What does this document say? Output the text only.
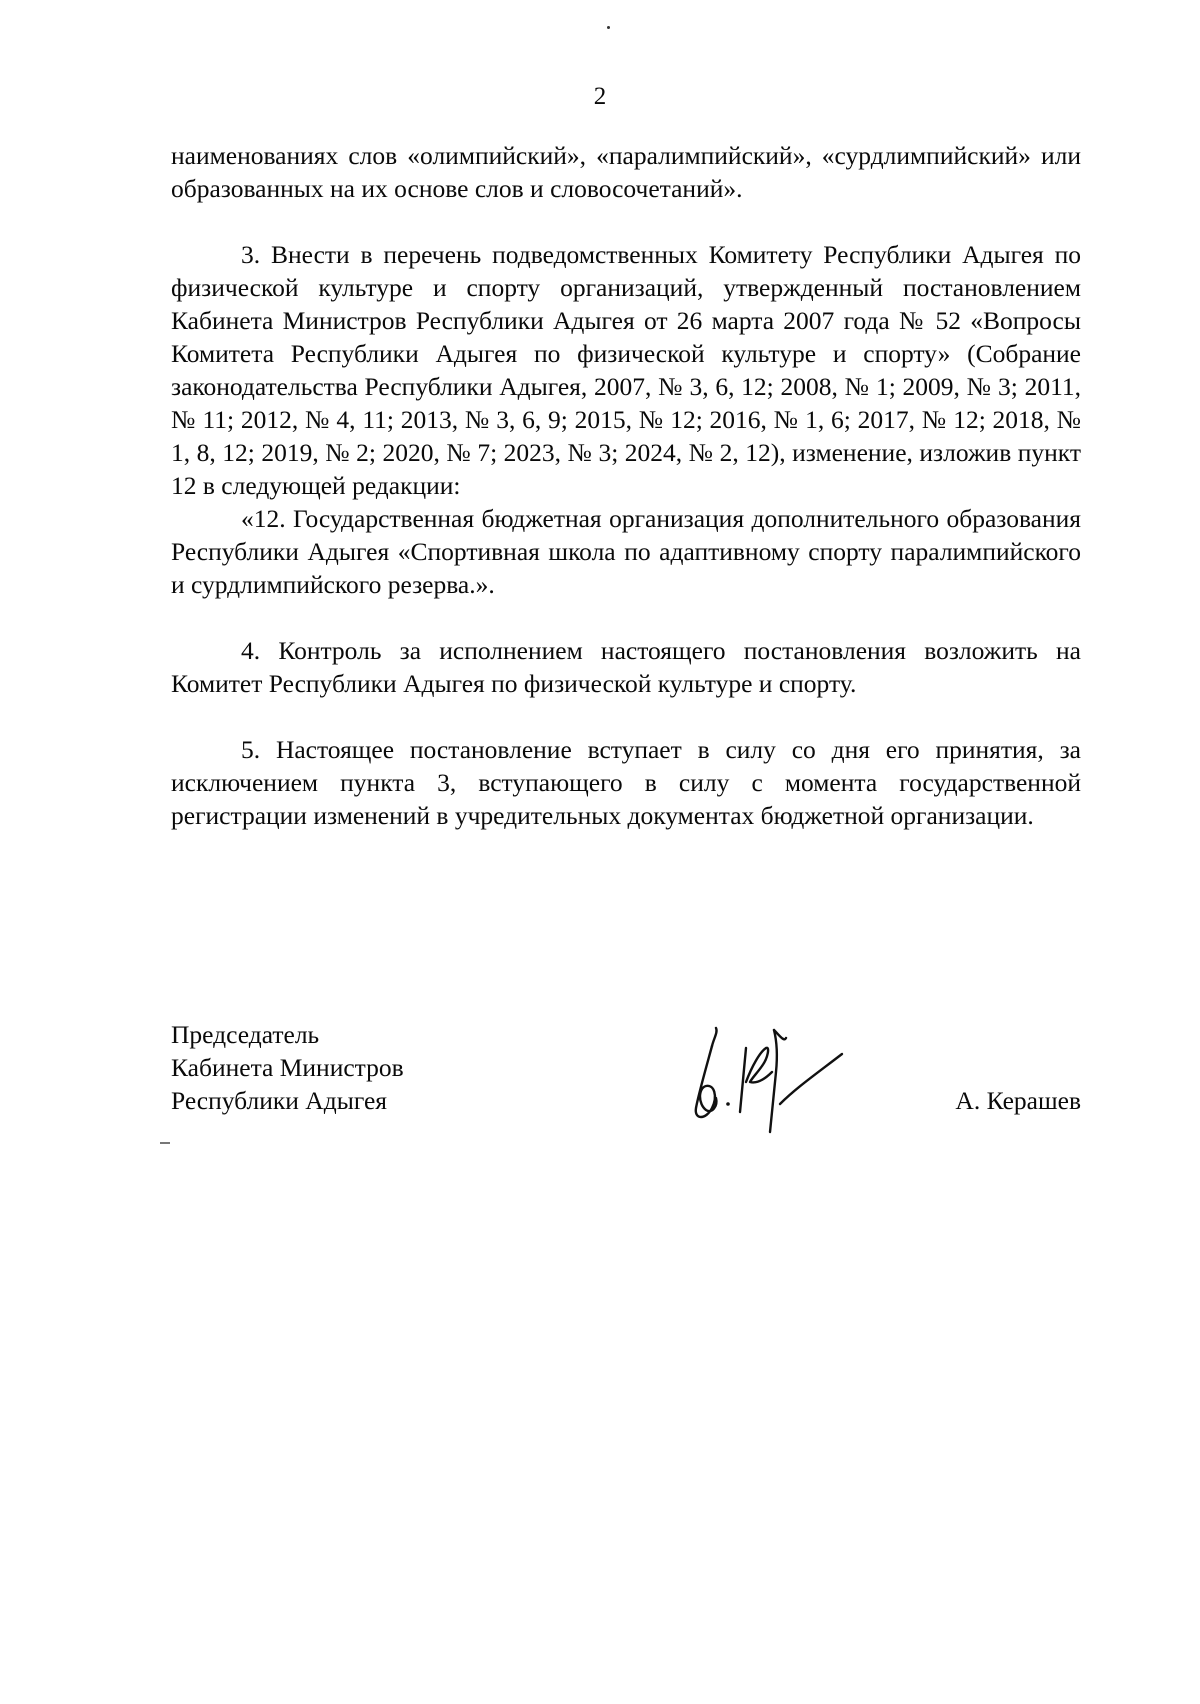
2

наименованиях слов «олимпийский», «паралимпийский», «сурдлимпийский» или образованных на их основе слов и словосочетаний».

3. Внести в перечень подведомственных Комитету Республики Адыгея по физической культуре и спорту организаций, утвержденный постановлением Кабинета Министров Республики Адыгея от 26 марта 2007 года № 52 «Вопросы Комитета Республики Адыгея по физической культуре и спорту» (Собрание законодательства Республики Адыгея, 2007, № 3, 6, 12; 2008, № 1; 2009, № 3; 2011, № 11; 2012, № 4, 11; 2013, № 3, 6, 9; 2015, № 12; 2016, № 1, 6; 2017, № 12; 2018, № 1, 8, 12; 2019, № 2; 2020, № 7; 2023, № 3; 2024, № 2, 12), изменение, изложив пункт 12 в следующей редакции:

«12. Государственная бюджетная организация дополнительного образования Республики Адыгея «Спортивная школа по адаптивному спорту паралимпийского и сурдлимпийского резерва.».

4. Контроль за исполнением настоящего постановления возложить на Комитет Республики Адыгея по физической культуре и спорту.

5. Настоящее постановление вступает в силу со дня его принятия, за исключением пункта 3, вступающего в силу с момента государственной регистрации изменений в учредительных документах бюджетной организации.

Председатель
Кабинета Министров
Республики Адыгея	А. Керашев
